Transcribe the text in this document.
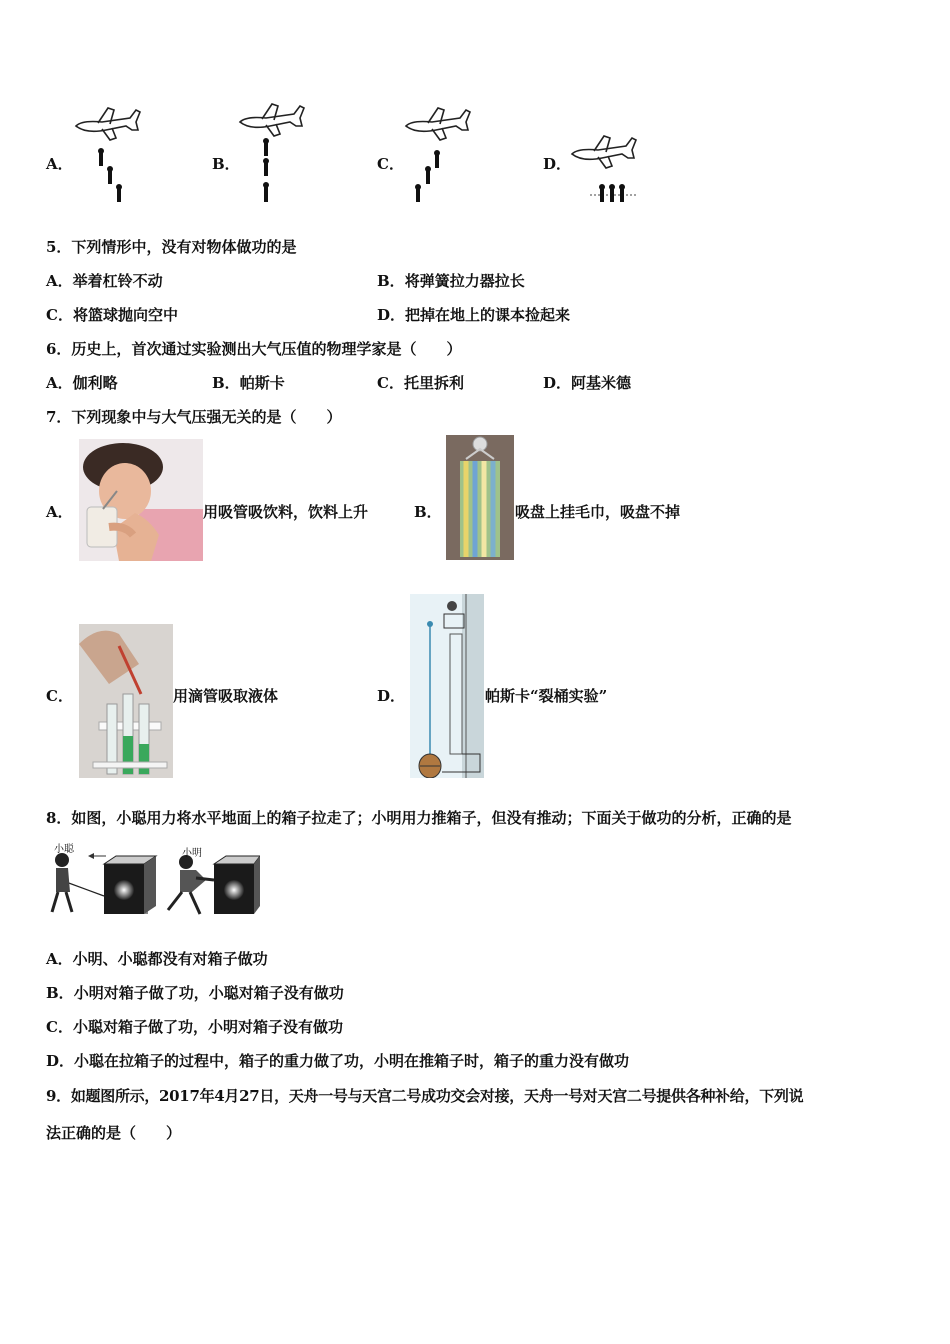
A．	B．	C．	D．
5．下列情形中，没有对物体做功的是
A．举着杠铃不动	B．将弹簧拉力器拉长
C．将篮球抛向空中	D．把掉在地上的课本捡起来
6．历史上，首次通过实验测出大气压值的物理学家是（　　）
A．伽利略	B．帕斯卡	C．托里拆利	D．阿基米德
7．下列现象中与大气压强无关的是（　　）
A．	用吸管吸饮料，饮料上升	B．	吸盘上挂毛巾，吸盘不掉
C．	用滴管吸取液体	D．	帕斯卡“裂桶实验”
8．如图，小聪用力将水平地面上的箱子拉走了；小明用力推箱子，但没有推动；下面关于做功的分析，正确的是
小聪	小明
A．小明、小聪都没有对箱子做功
B．小明对箱子做了功，小聪对箱子没有做功
C．小聪对箱子做了功，小明对箱子没有做功
D．小聪在拉箱子的过程中，箱子的重力做了功，小明在推箱子时，箱子的重力没有做功
9．如题图所示，2017年4月27日，天舟一号与天宫二号成功交会对接，天舟一号对天宫二号提供各种补给，下列说
法正确的是（　　）
